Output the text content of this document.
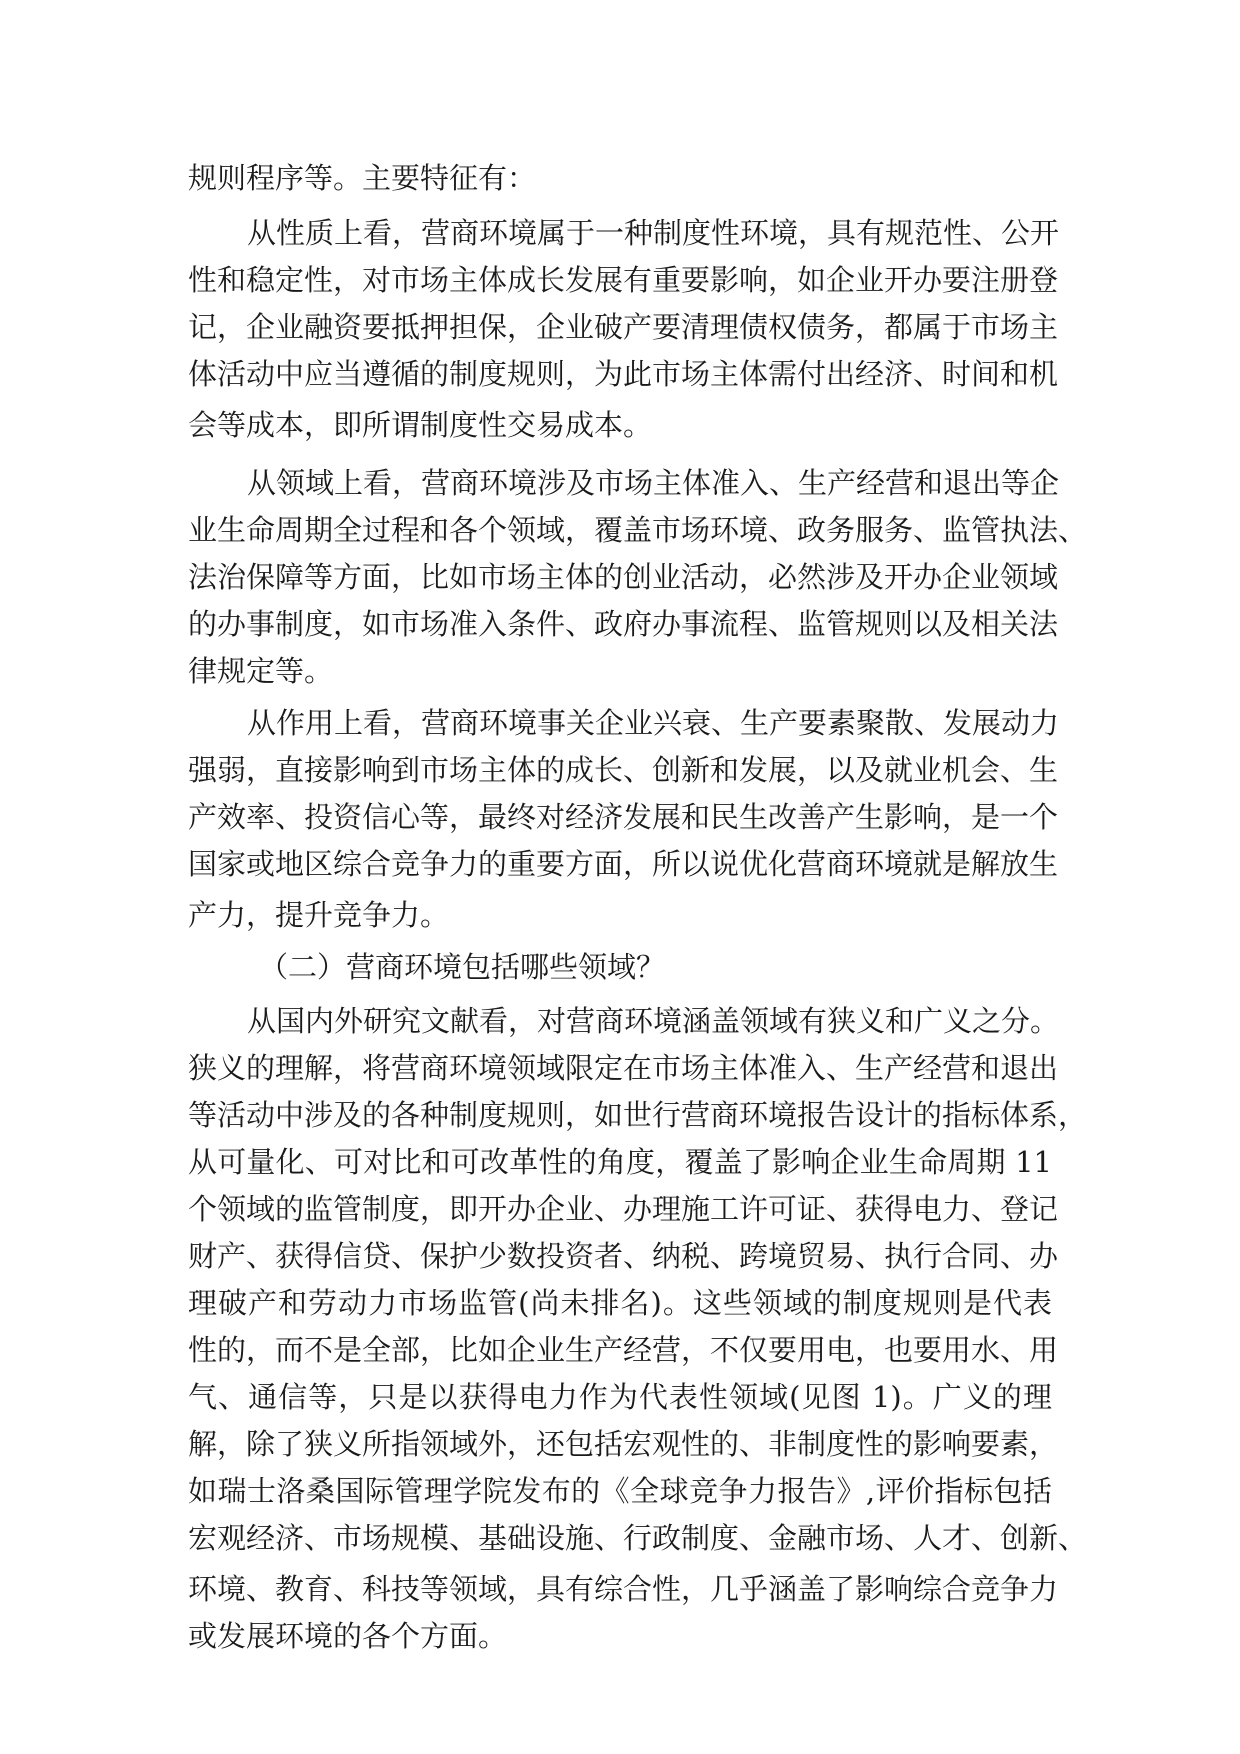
规则程序等。主要特征有：

从性质上看，营商环境属于一种制度性环境，具有规范性、公开

性和稳定性，对市场主体成长发展有重要影响，如企业开办要注册登

记，企业融资要抵押担保，企业破产要清理债权债务，都属于市场主

体活动中应当遵循的制度规则，为此市场主体需付出经济、时间和机

会等成本，即所谓制度性交易成本。

从领域上看，营商环境涉及市场主体准入、生产经营和退出等企

业生命周期全过程和各个领域，覆盖市场环境、政务服务、监管执法、

法治保障等方面，比如市场主体的创业活动，必然涉及开办企业领域

的办事制度，如市场准入条件、政府办事流程、监管规则以及相关法

律规定等。

从作用上看，营商环境事关企业兴衰、生产要素聚散、发展动力

强弱，直接影响到市场主体的成长、创新和发展，以及就业机会、生

产效率、投资信心等，最终对经济发展和民生改善产生影响，是一个

国家或地区综合竞争力的重要方面，所以说优化营商环境就是解放生

产力，提升竞争力。

（二）营商环境包括哪些领域？

从国内外研究文献看，对营商环境涵盖领域有狭义和广义之分。

狭义的理解，将营商环境领域限定在市场主体准入、生产经营和退出

等活动中涉及的各种制度规则，如世行营商环境报告设计的指标体系，

从可量化、可对比和可改革性的角度，覆盖了影响企业生命周期 11

个领域的监管制度，即开办企业、办理施工许可证、获得电力、登记

财产、获得信贷、保护少数投资者、纳税、跨境贸易、执行合同、办

理破产和劳动力市场监管(尚未排名)。这些领域的制度规则是代表

性的，而不是全部，比如企业生产经营，不仅要用电，也要用水、用

气、通信等，只是以获得电力作为代表性领域(见图 1)。广义的理

解，除了狭义所指领域外，还包括宏观性的、非制度性的影响要素，

如瑞士洛桑国际管理学院发布的《全球竞争力报告》,评价指标包括

宏观经济、市场规模、基础设施、行政制度、金融市场、人才、创新、

环境、教育、科技等领域，具有综合性，几乎涵盖了影响综合竞争力

或发展环境的各个方面。
